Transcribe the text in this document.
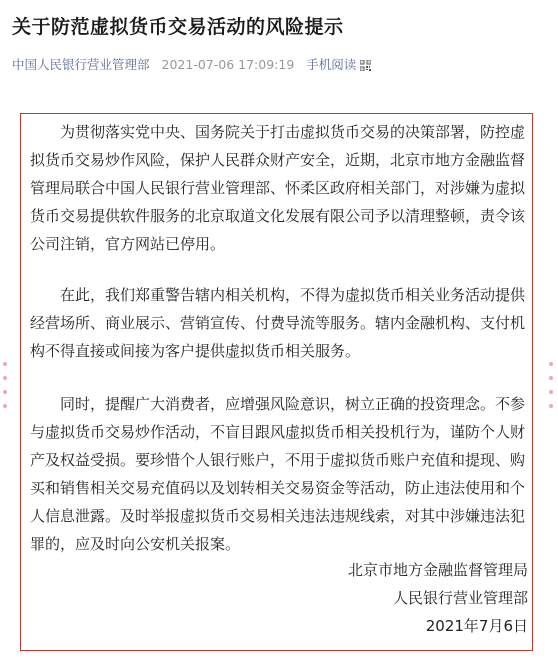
关于防范虚拟货币交易活动的风险提示
中国人民银行营业管理部 2021-07-06 17:09:19 手机阅读

　　为贯彻落实党中央、国务院关于打击虚拟货币交易的决策部署，防控虚拟货币交易炒作风险，保护人民群众财产安全，近期，北京市地方金融监督管理局联合中国人民银行营业管理部、怀柔区政府相关部门，对涉嫌为虚拟货币交易提供软件服务的北京取道文化发展有限公司予以清理整顿，责令该公司注销，官方网站已停用。

　　在此，我们郑重警告辖内相关机构，不得为虚拟货币相关业务活动提供经营场所、商业展示、营销宣传、付费导流等服务。辖内金融机构、支付机构不得直接或间接为客户提供虚拟货币相关服务。

　　同时，提醒广大消费者，应增强风险意识，树立正确的投资理念。不参与虚拟货币交易炒作活动，不盲目跟风虚拟货币相关投机行为，谨防个人财产及权益受损。要珍惜个人银行账户，不用于虚拟货币账户充值和提现、购买和销售相关交易充值码以及划转相关交易资金等活动，防止违法使用和个人信息泄露。及时举报虚拟货币交易相关违法违规线索，对其中涉嫌违法犯罪的，应及时向公安机关报案。

北京市地方金融监督管理局
人民银行营业管理部
2021年7月6日
